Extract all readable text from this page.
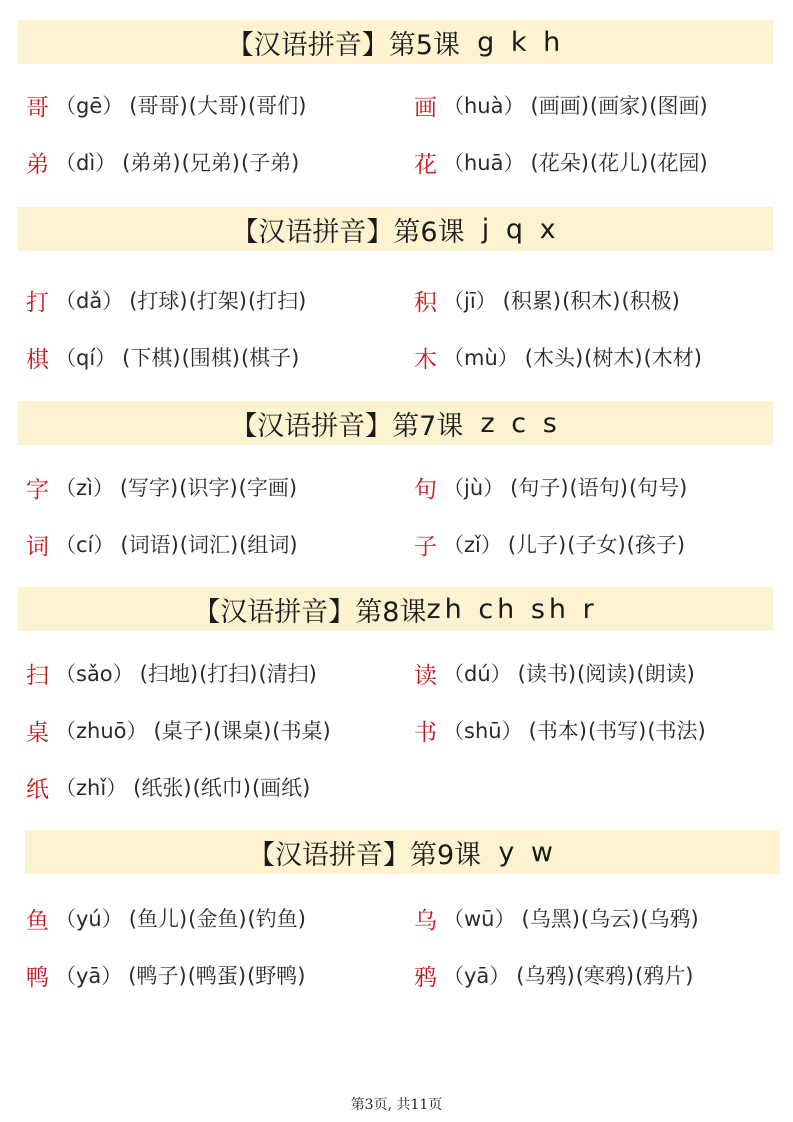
【汉语拼音】第5课
g k h
哥 （gē） (哥哥) (大哥) (哥们)	画 （huà） (画画) (画家) (图画)
弟 （dì） (弟弟) (兄弟) (子弟)	花 （huā） (花朵) (花儿) (花园)
【汉语拼音】第6课
j q x
打 （dǎ） (打球) (打架) (打扫)	积 （jī） (积累) (积木) (积极)
棋 （qí） (下棋) (围棋) (棋子)	木 （mù） (木头) (树木) (木材)
【汉语拼音】第7课
z c s
字 （zì） (写字) (识字) (字画)	句 （jù） (句子) (语句) (句号)
词 （cí） (词语) (词汇) (组词)	子 （zǐ） (儿子) (子女) (孩子)
【汉语拼音】第8课 zh ch sh r
扫 （sǎo） (扫地) (打扫) (清扫)	读 （dú） (读书) (阅读) (朗读)
桌 （zhuō） (桌子) (课桌) (书桌)	书 （shū） (书本) (书写) (书法)
纸 （zhǐ） (纸张) (纸巾) (画纸)
【汉语拼音】第9课
y w
鱼 （yú） (鱼儿) (金鱼) (钓鱼)	乌 （wū） (乌黑) (乌云) (乌鸦)
鸭 （yā） (鸭子) (鸭蛋) (野鸭)	鸦 （yā） (乌鸦) (寒鸦) (鸦片)
第3页, 共11页
